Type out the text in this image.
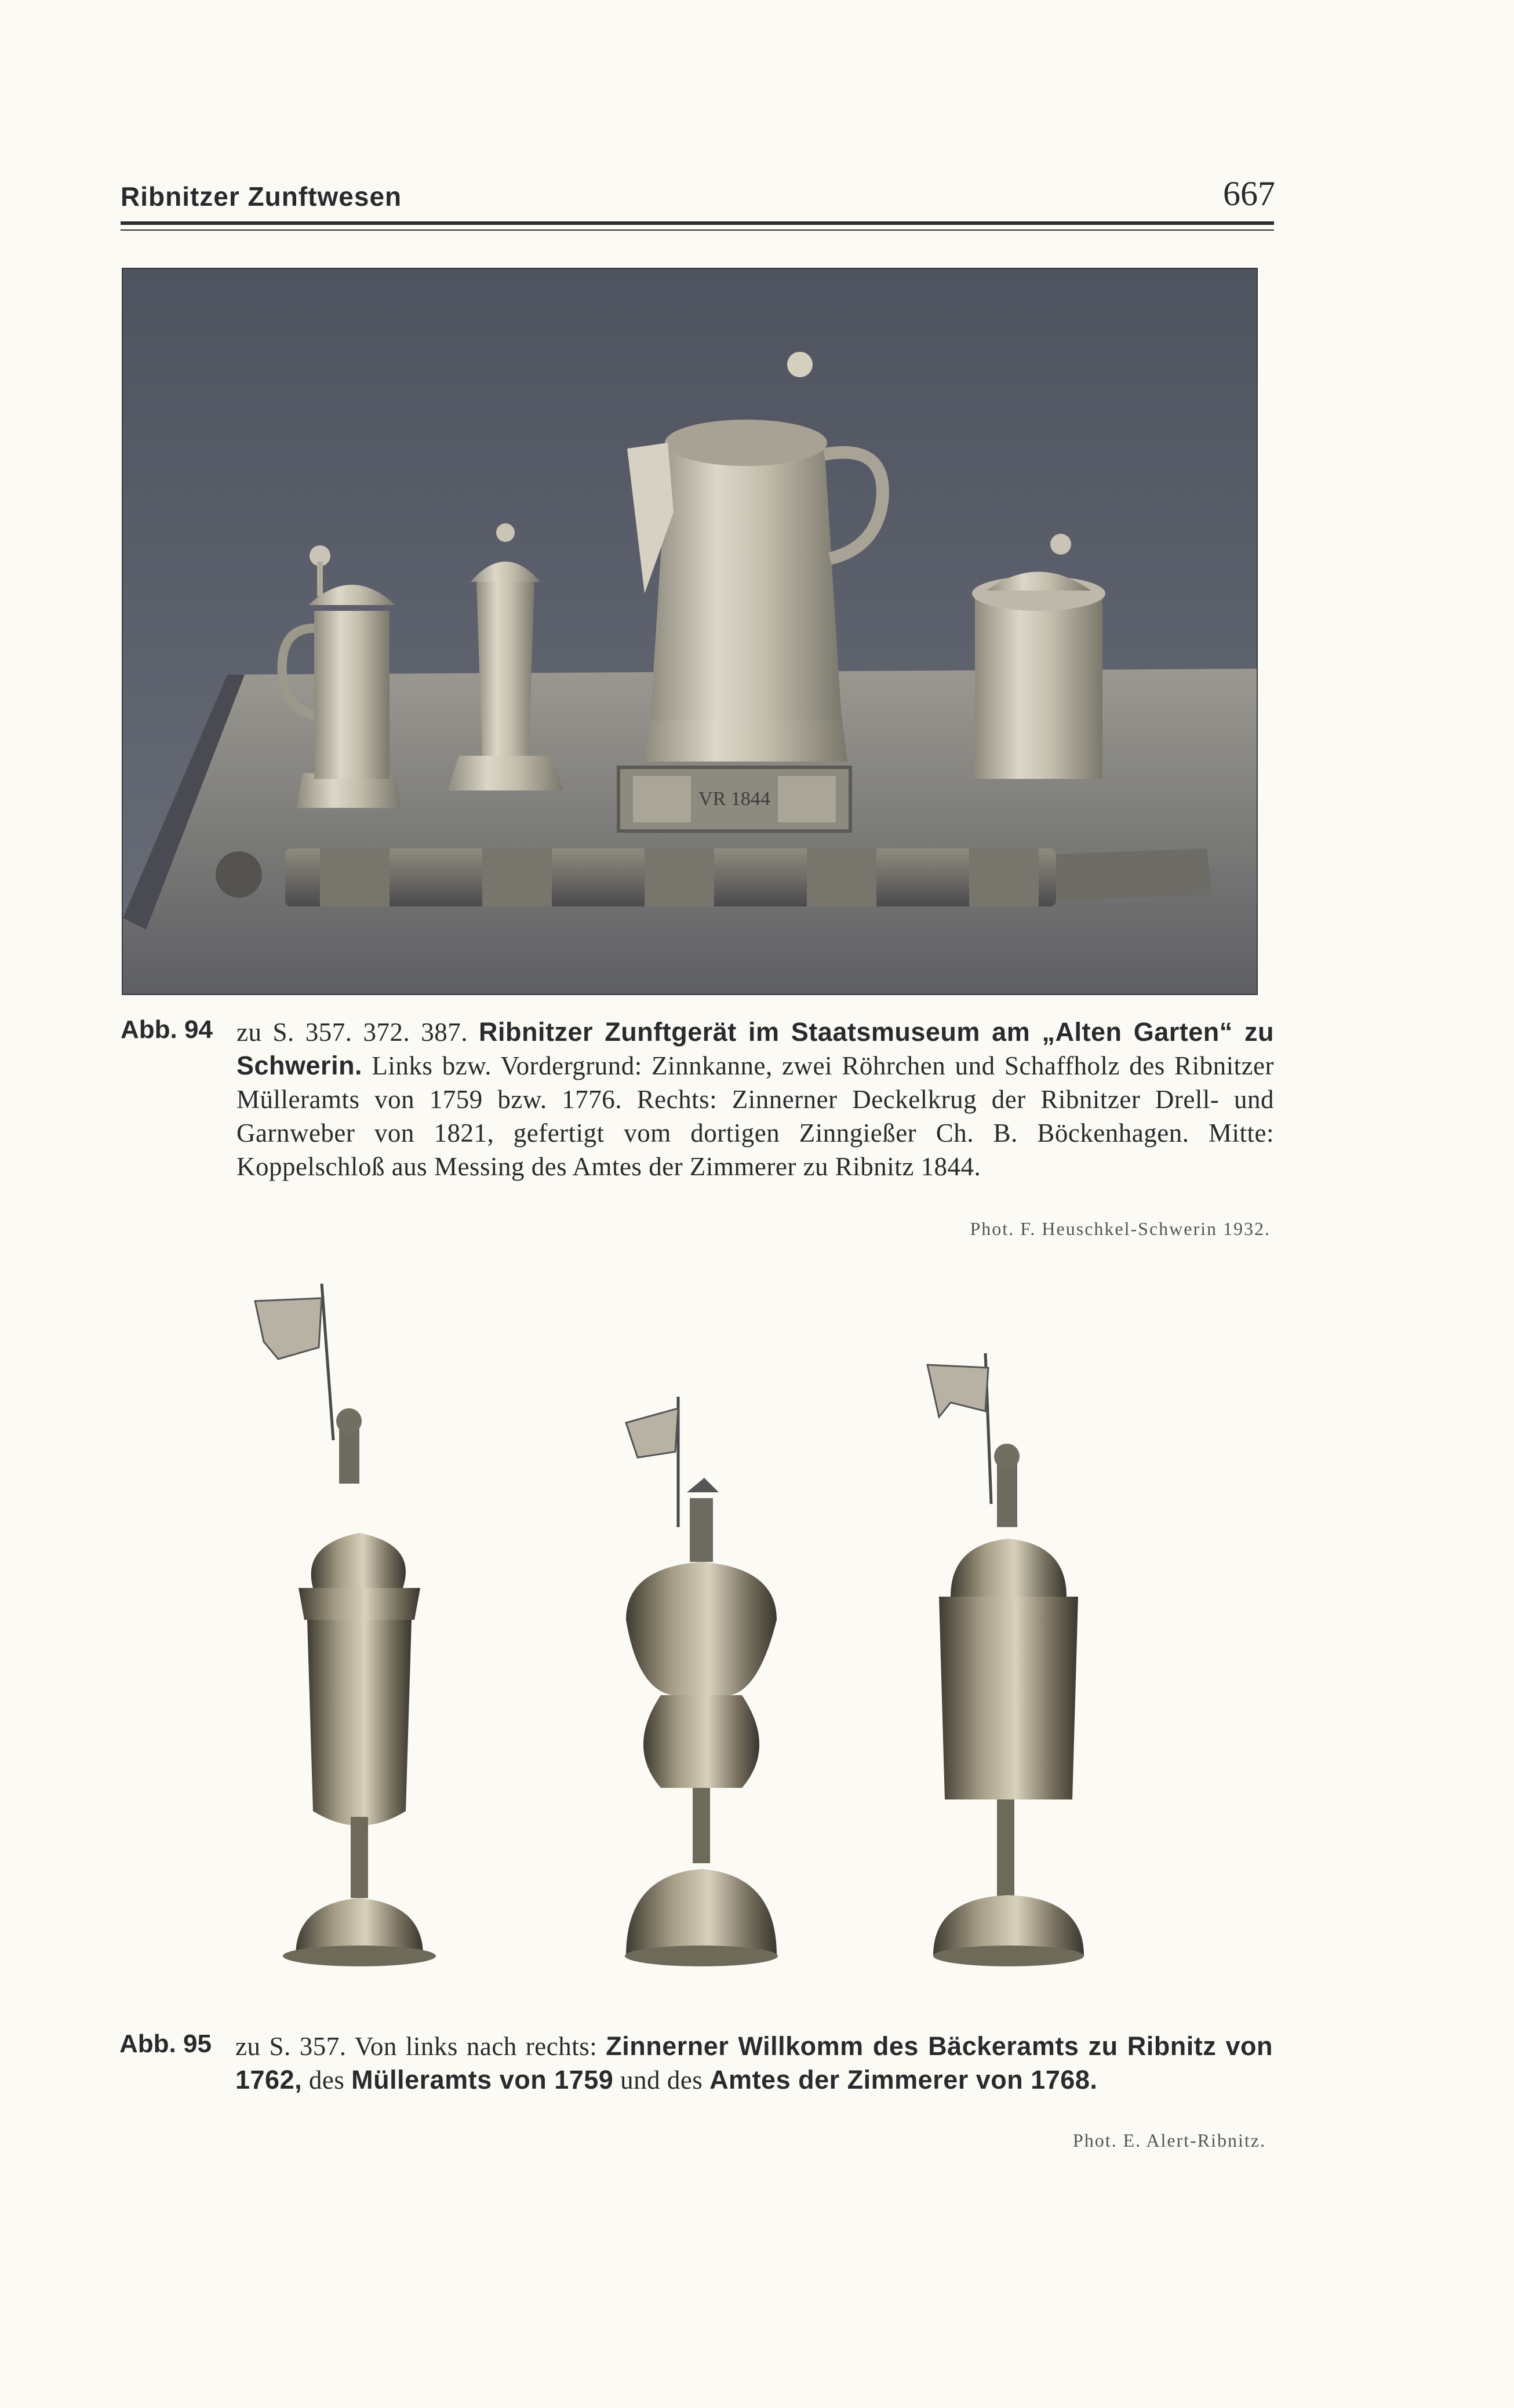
Ribnitzer Zunftwesen	667
VR 1844
Abb. 94 zu S. 357. 372. 387. Ribnitzer Zunftgerät im Staatsmuseum am „Alten Garten“ zu Schwerin. Links bzw. Vordergrund: Zinnkanne, zwei Röhrchen und Schaffholz des Ribnitzer Mülleramts von 1759 bzw. 1776. Rechts: Zinnerner Deckelkrug der Ribnitzer Drell- und Garnweber von 1821, gefertigt vom dortigen Zinngießer Ch. B. Böckenhagen. Mitte: Koppelschloß aus Messing des Amtes der Zimmerer zu Ribnitz 1844.
Phot. F. Heuschkel-Schwerin 1932.
Abb. 95 zu S. 357. Von links nach rechts: Zinnerner Willkomm des Bäckeramts zu Ribnitz von 1762, des Mülleramts von 1759 und des Amtes der Zimmerer von 1768.
Phot. E. Alert-Ribnitz.
